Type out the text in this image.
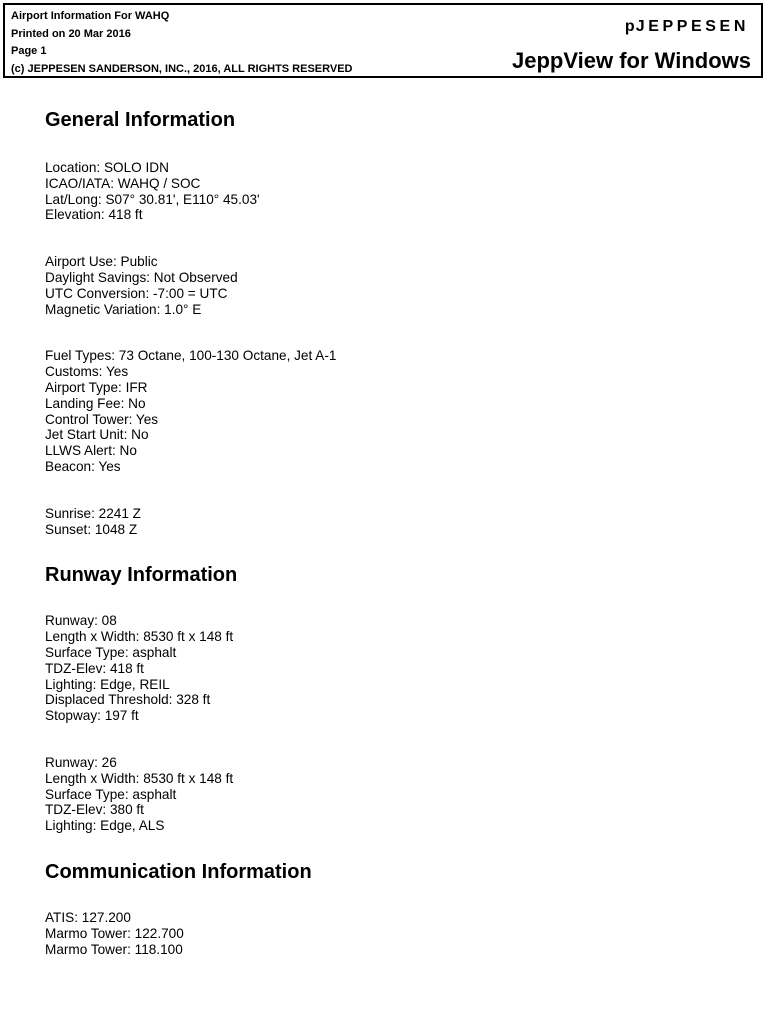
Airport Information For WAHQ
Printed on 20 Mar 2016
Page 1
(c) JEPPESEN SANDERSON, INC., 2016, ALL RIGHTS RESERVED
pJEPPESEN
JeppView for Windows
General Information
Location: SOLO IDN
ICAO/IATA: WAHQ / SOC
Lat/Long: S07° 30.81', E110° 45.03'
Elevation: 418 ft
Airport Use: Public
Daylight Savings: Not Observed
UTC Conversion: -7:00 = UTC
Magnetic Variation: 1.0° E
Fuel Types: 73 Octane, 100-130 Octane, Jet A-1
Customs: Yes
Airport Type: IFR
Landing Fee: No
Control Tower: Yes
Jet Start Unit: No
LLWS Alert: No
Beacon: Yes
Sunrise: 2241 Z
Sunset: 1048 Z
Runway Information
Runway: 08
Length x Width: 8530 ft x 148 ft
Surface Type: asphalt
TDZ-Elev: 418 ft
Lighting: Edge, REIL
Displaced Threshold: 328 ft
Stopway: 197 ft
Runway: 26
Length x Width: 8530 ft x 148 ft
Surface Type: asphalt
TDZ-Elev: 380 ft
Lighting: Edge, ALS
Communication Information
ATIS: 127.200
Marmo Tower: 122.700
Marmo Tower: 118.100
